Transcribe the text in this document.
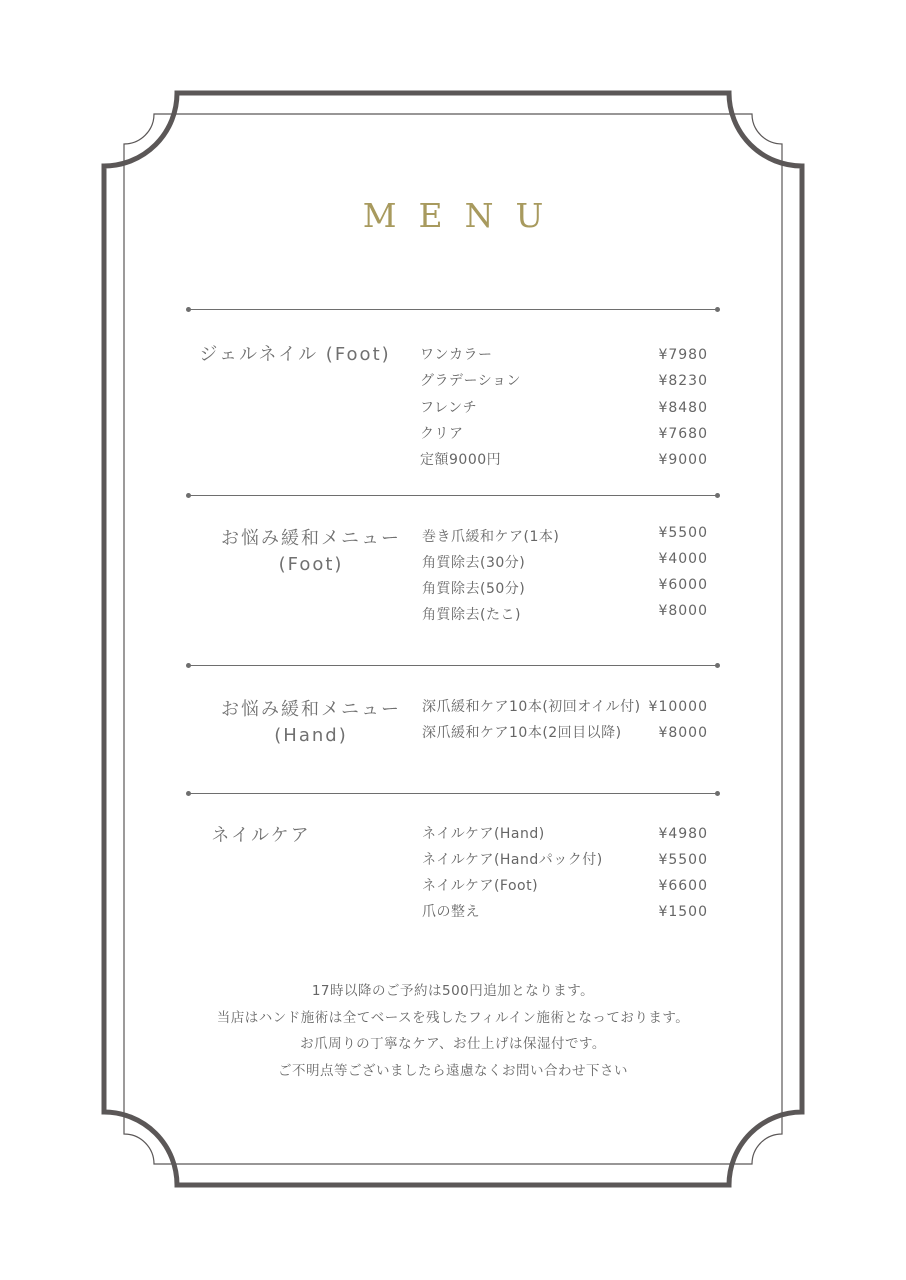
MENU
ジェルネイル (Foot)	ワンカラー	¥7980
グラデーション	¥8230
フレンチ	¥8480
クリア	¥7680
定額9000円	¥9000
お悩み緩和メニュー
(Foot)
巻き爪緩和ケア(1本)	¥5500
角質除去(30分)	¥4000
角質除去(50分)	¥6000
角質除去(たこ)	¥8000
お悩み緩和メニュー
(Hand)
深爪緩和ケア10本(初回オイル付) ¥10000
深爪緩和ケア10本(2回目以降)	¥8000
ネイルケア	ネイルケア(Hand)	¥4980
ネイルケア(Handパック付)	¥5500
ネイルケア(Foot)	¥6600
爪の整え	¥1500
17時以降のご予約は500円追加となります。
当店はハンド施術は全てベースを残したフィルイン施術となっております。
お爪周りの丁寧なケア、お仕上げは保湿付です。
ご不明点等ございましたら遠慮なくお問い合わせ下さい
